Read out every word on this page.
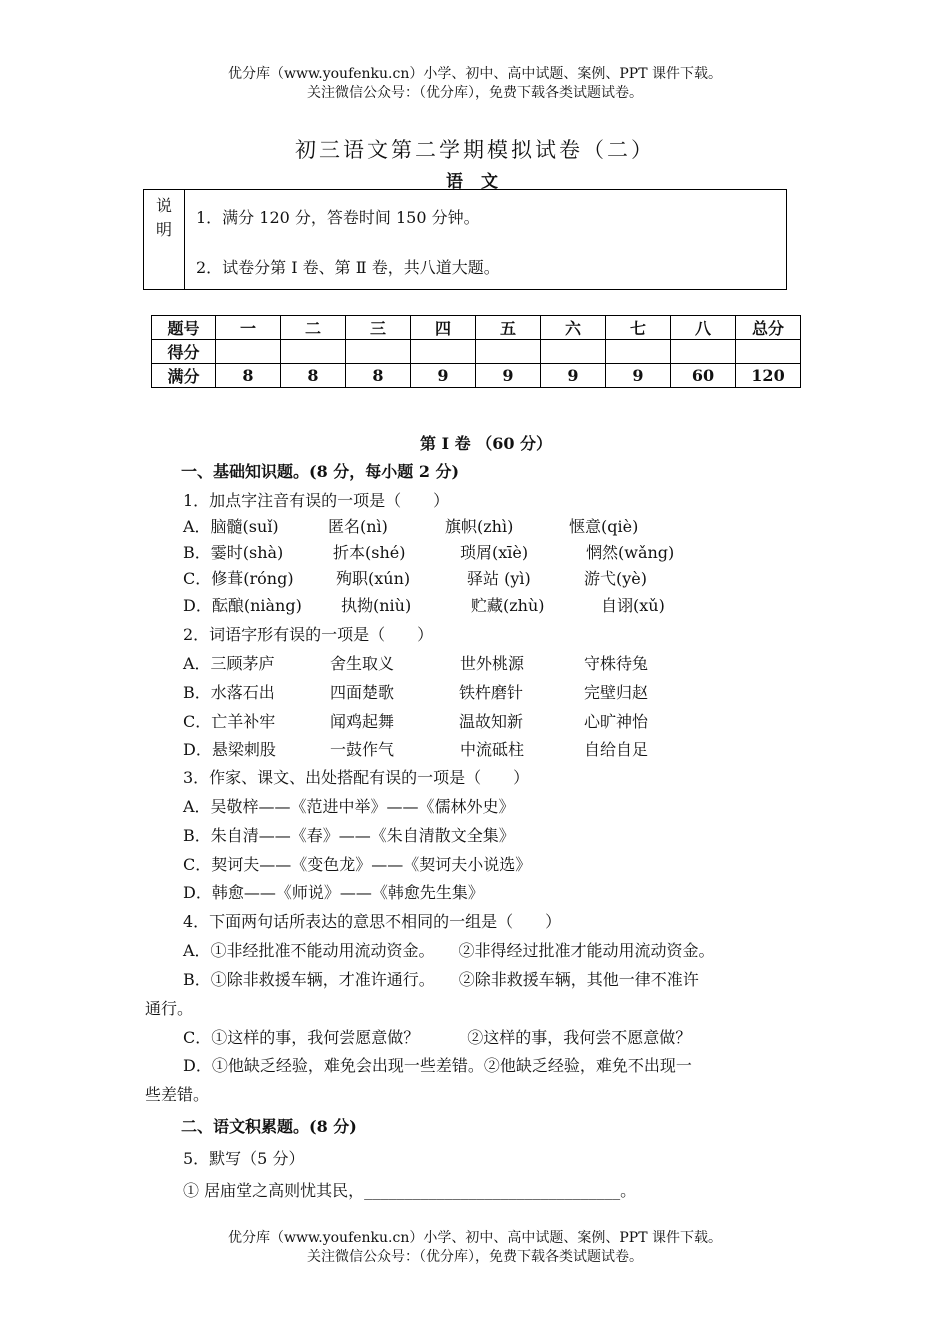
优分库（www.youfenku.cn）小学、初中、高中试题、案例、PPT 课件下载。
关注微信公众号：（优分库），免费下载各类试题试卷。
初三语文第二学期模拟试卷（二）
语 文
说
明
1．满分 120 分，答卷时间 150 分钟。
2．试卷分第 Ⅰ 卷、第 Ⅱ 卷，共八道大题。
题号	一	二	三	四	五	六	七	八	总分
得分									
满分	8	8	8	9	9	9	9	60	120
第 Ⅰ 卷 （60 分）
一、基础知识题。(8 分，每小题 2 分)
1．加点字注音有误的一项是（　　）
A．脑髓(suǐ)	匿名(nì)	旗帜(zhì)	惬意(qiè)
B．霎时(shà)	折本(shé)	琐屑(xīè)	惘然(wǎng)
C．修葺(róng)	殉职(xún)	驿站 (yì)	游弋(yè)
D．酝酿(niàng) 执拗(niù)	贮藏(zhù)	自诩(xǔ)
2．词语字形有误的一项是（　　）
A．三顾茅庐	舍生取义	世外桃源	守株待兔
B．水落石出	四面楚歌	铁杵磨针	完壁归赵
C．亡羊补牢	闻鸡起舞	温故知新	心旷神怡
D．悬梁刺股	一鼓作气	中流砥柱	自给自足
3．作家、课文、出处搭配有误的一项是（　　）
A．吴敬梓——《范进中举》——《儒林外史》
B．朱自清——《春》——《朱自清散文全集》
C．契诃夫——《变色龙》——《契诃夫小说选》
D．韩愈——《师说》——《韩愈先生集》
4．下面两句话所表达的意思不相同的一组是（　　）
A．①非经批准不能动用流动资金。　　②非得经过批准才能动用流动资金。
B．①除非救援车辆，才准许通行。　　②除非救援车辆，其他一律不准许
通行。
C．①这样的事，我何尝愿意做？　　　②这样的事，我何尝不愿意做？
D．①他缺乏经验，难免会出现一些差错。②他缺乏经验，难免不出现一
些差错。
二、语文积累题。(8 分)
5．默写（5 分）
① 居庙堂之高则忧其民，________________________________。
优分库（www.youfenku.cn）小学、初中、高中试题、案例、PPT 课件下载。
关注微信公众号：（优分库），免费下载各类试题试卷。
